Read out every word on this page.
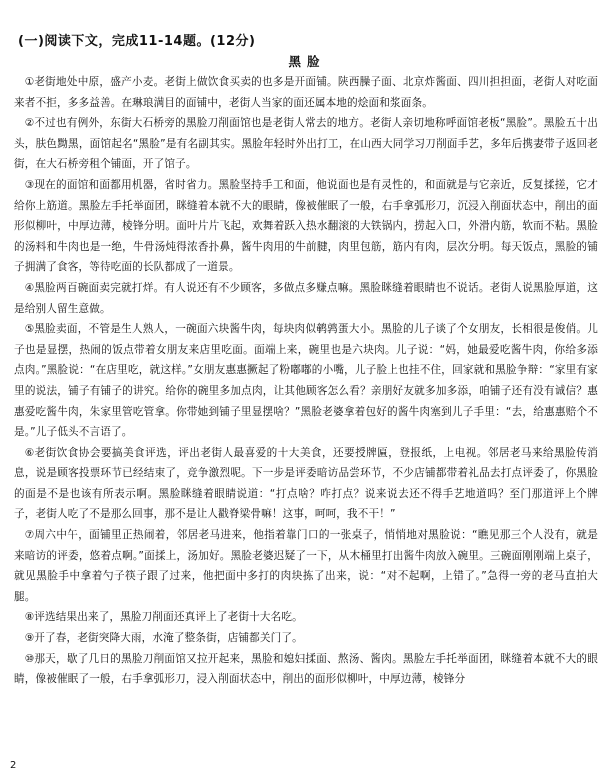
(一)阅读下文，完成11-14题。(12分)
黑脸

①老街地处中原，盛产小麦。老街上做饮食买卖的也多是开面铺。陕西臊子面、北京炸酱面、四川担担面，老街人对吃面来者不拒，多多益善。在琳琅满目的面铺中，老街人当家的面还属本地的烩面和浆面条。

②不过也有例外，东街大石桥旁的黑脸刀削面馆也是老街人常去的地方。老街人亲切地称呼面馆老板“黑脸”。黑脸五十出头，肤色黝黑，面馆起名“黑脸”是有名副其实。黑脸年轻时外出打工，在山西大同学习刀削面手艺，多年后携妻带子返回老街，在大石桥旁租个铺面，开了馆子。

③现在的面馆和面都用机器，省时省力。黑脸坚持手工和面，他说面也是有灵性的，和面就是与它亲近，反复揉搓，它才给你上筋道。黑脸左手托举面团，眯缝着本就不大的眼睛，像被催眠了一般，右手拿弧形刀，沉浸入削面状态中，削出的面形似柳叶，中厚边薄，棱锋分明。面叶片片飞起，欢舞着跃入热水翻滚的大铁锅内，捞起入口，外滑内筋，软而不粘。黑脸的汤料和牛肉也是一绝，牛骨汤炖得浓香扑鼻，酱牛肉用的牛前腱，肉里包筋，筋内有肉，层次分明。每天饭点，黑脸的铺子拥满了食客，等待吃面的长队都成了一道景。

④黑脸两百碗面卖完就打烊。有人说还有不少顾客，多做点多赚点嘛。黑脸眯缝着眼睛也不说话。老街人说黑脸厚道，这是给别人留生意做。

⑤黑脸卖面，不管是生人熟人，一碗面六块酱牛肉，每块肉似鹌鹑蛋大小。黑脸的儿子谈了个女朋友，长相很是俊俏。儿子也是显摆，热闹的饭点带着女朋友来店里吃面。面端上来，碗里也是六块肉。儿子说：“妈，她最爱吃酱牛肉，你给多添点肉。”黑脸说：“在店里吃，就这样。”女朋友惠惠撅起了粉嘟嘟的小嘴，儿子脸上也挂不住，回家就和黑脸争辩：“家里有家里的说法，铺子有铺子的讲究。给你的碗里多加点肉，让其他顾客怎么看？亲朋好友就多加多添，咱铺子还有没有诚信？惠惠爱吃酱牛肉，朱家里管吃管拿。你带她到铺子里显摆啥？”黑脸老婆拿着包好的酱牛肉塞到儿子手里：“去，给惠惠赔个不是。”儿子低头不言语了。

⑥老街饮食协会要搞美食评选，评出老街人最喜爱的十大美食，还要授牌匾，登报纸，上电视。邻居老马来给黑脸传消息，说是顾客投票环节已经结束了，竞争激烈呢。下一步是评委暗访品尝环节，不少店铺都带着礼品去打点评委了，你黑脸的面是不是也该有所表示啊。黑脸眯缝着眼睛说道：“打点啥？咋打点？说来说去还不得手艺地道吗？至门那道评上个牌子，老街人吃了不是那么回事，那不是让人戳脊梁骨嘛！这事，呵呵，我不干！”

⑦周六中午，面铺里正热闹着，邻居老马进来，他指着靠门口的一张桌子，悄悄地对黑脸说：“瞧见那三个人没有，就是来暗访的评委，悠着点啊。”面揉上，汤加好。黑脸老婆迟疑了一下，从木桶里打出酱牛肉放入碗里。三碗面刚刚端上桌子，就见黑脸手中拿着勺子筷子跟了过来，他把面中多打的肉块拣了出来，说：“对不起啊，上错了。”急得一旁的老马直拍大腿。

⑧评选结果出来了，黑脸刀削面还真评上了老街十大名吃。

⑨开了春，老街突降大雨，水淹了整条街，店铺都关门了。

⑩那天，歇了几日的黑脸刀削面馆又拉开起来，黑脸和媳妇揉面、熬汤、酱肉。黑脸左手托举面团，眯缝着本就不大的眼睛，像被催眠了一般，右手拿弧形刀，浸入削面状态中，削出的面形似柳叶，中厚边薄，棱锋分

2
